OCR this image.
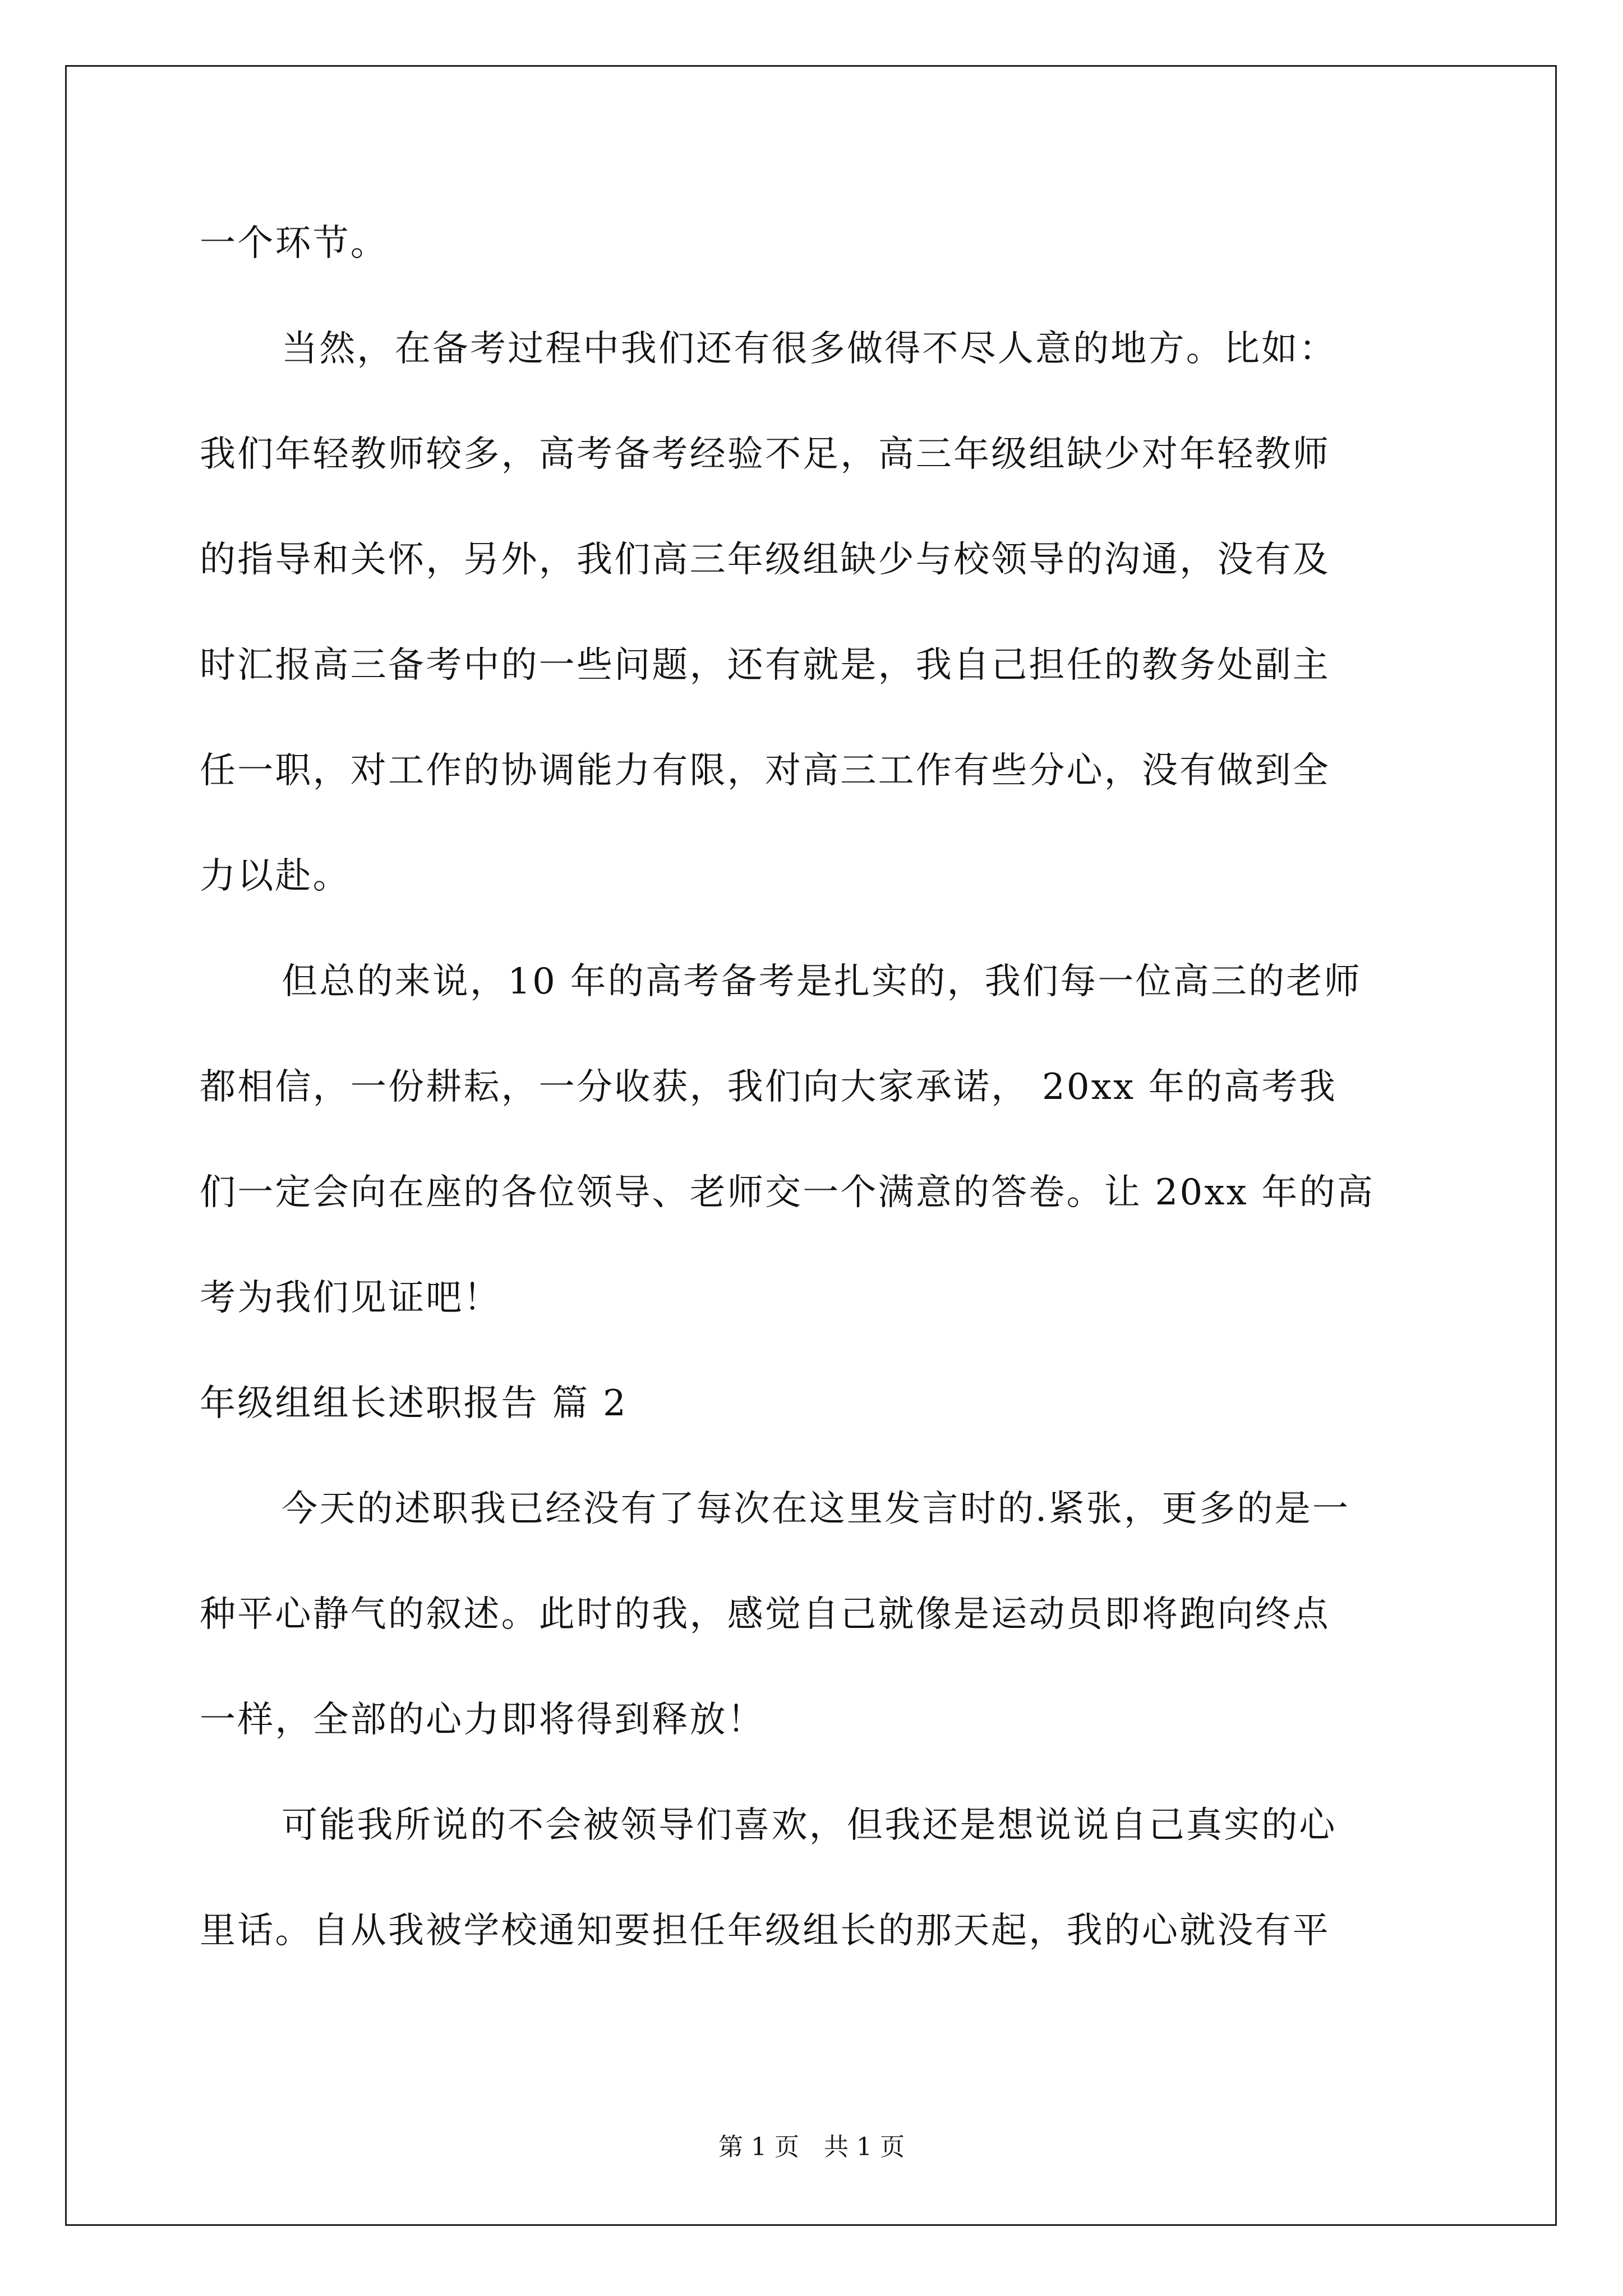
一个环节。
当然，在备考过程中我们还有很多做得不尽人意的地方。比如：
我们年轻教师较多，高考备考经验不足，高三年级组缺少对年轻教师
的指导和关怀，另外，我们高三年级组缺少与校领导的沟通，没有及
时汇报高三备考中的一些问题，还有就是，我自己担任的教务处副主
任一职，对工作的协调能力有限，对高三工作有些分心，没有做到全
力以赴。
但总的来说，10 年的高考备考是扎实的，我们每一位高三的老师
都相信，一份耕耘，一分收获，我们向大家承诺， 20xx 年的高考我
们一定会向在座的各位领导、老师交一个满意的答卷。让 20xx 年的高
考为我们见证吧！
年级组组长述职报告 篇 2
今天的述职我已经没有了每次在这里发言时的.紧张，更多的是一
种平心静气的叙述。此时的我，感觉自己就像是运动员即将跑向终点
一样，全部的心力即将得到释放！
可能我所说的不会被领导们喜欢，但我还是想说说自己真实的心
里话。自从我被学校通知要担任年级组长的那天起，我的心就没有平
第 1 页　共 1 页
